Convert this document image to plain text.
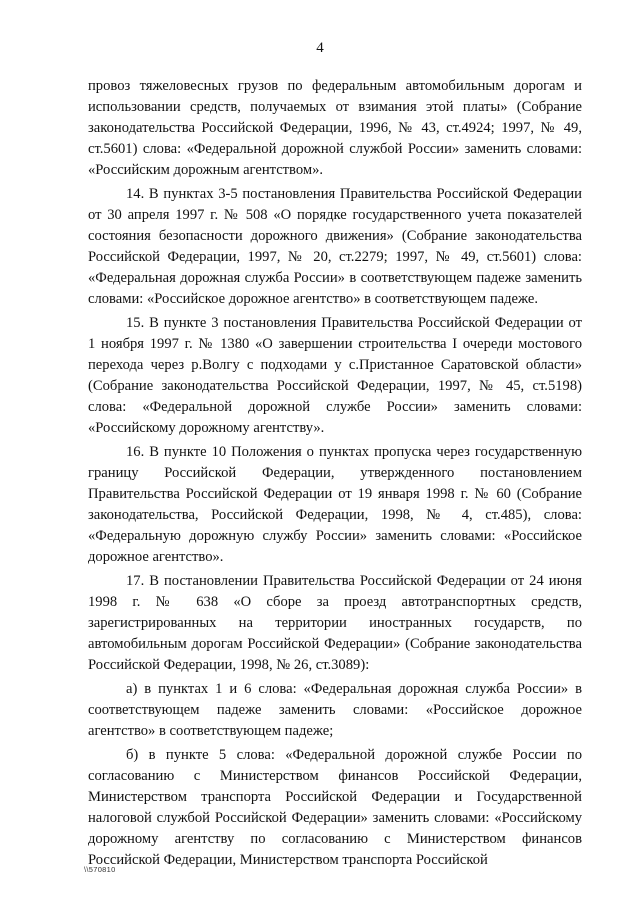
4

провоз тяжеловесных грузов по федеральным автомобильным дорогам и использовании средств, получаемых от взимания этой платы» (Собрание законодательства Российской Федерации, 1996, № 43, ст.4924; 1997, № 49, ст.5601) слова: «Федеральной дорожной службой России» заменить словами: «Российским дорожным агентством».

14. В пунктах 3-5 постановления Правительства Российской Федерации от 30 апреля 1997 г. № 508 «О порядке государственного учета показателей состояния безопасности дорожного движения» (Собрание законодательства Российской Федерации, 1997, № 20, ст.2279; 1997, № 49, ст.5601) слова: «Федеральная дорожная служба России» в соответствующем падеже заменить словами: «Российское дорожное агентство» в соответствующем падеже.

15. В пункте 3 постановления Правительства Российской Федерации от 1 ноября 1997 г. № 1380 «О завершении строительства I очереди мостового перехода через р.Волгу с подходами у с.Пристанное Саратовской области» (Собрание законодательства Российской Федерации, 1997, № 45, ст.5198) слова: «Федеральной дорожной службе России» заменить словами: «Российскому дорожному агентству».

16. В пункте 10 Положения о пунктах пропуска через государственную границу Российской Федерации, утвержденного постановлением Правительства Российской Федерации от 19 января 1998 г. № 60 (Собрание законодательства, Российской Федерации, 1998, № 4, ст.485), слова: «Федеральную дорожную службу России» заменить словами: «Российское дорожное агентство».

17. В постановлении Правительства Российской Федерации от 24 июня 1998 г. № 638 «О сборе за проезд автотранспортных средств, зарегистрированных на территории иностранных государств, по автомобильным дорогам Российской Федерации» (Собрание законодательства Российской Федерации, 1998, № 26, ст.3089):

а) в пунктах 1 и 6 слова: «Федеральная дорожная служба России» в соответствующем падеже заменить словами: «Российское дорожное агентство» в соответствующем падеже;

б) в пункте 5 слова: «Федеральной дорожной службе России по согласованию с Министерством финансов Российской Федерации, Министерством транспорта Российской Федерации и Государственной налоговой службой Российской Федерации» заменить словами: «Российскому дорожному агентству по согласованию с Министерством финансов Российской Федерации, Министерством транспорта Российской

\\570810
